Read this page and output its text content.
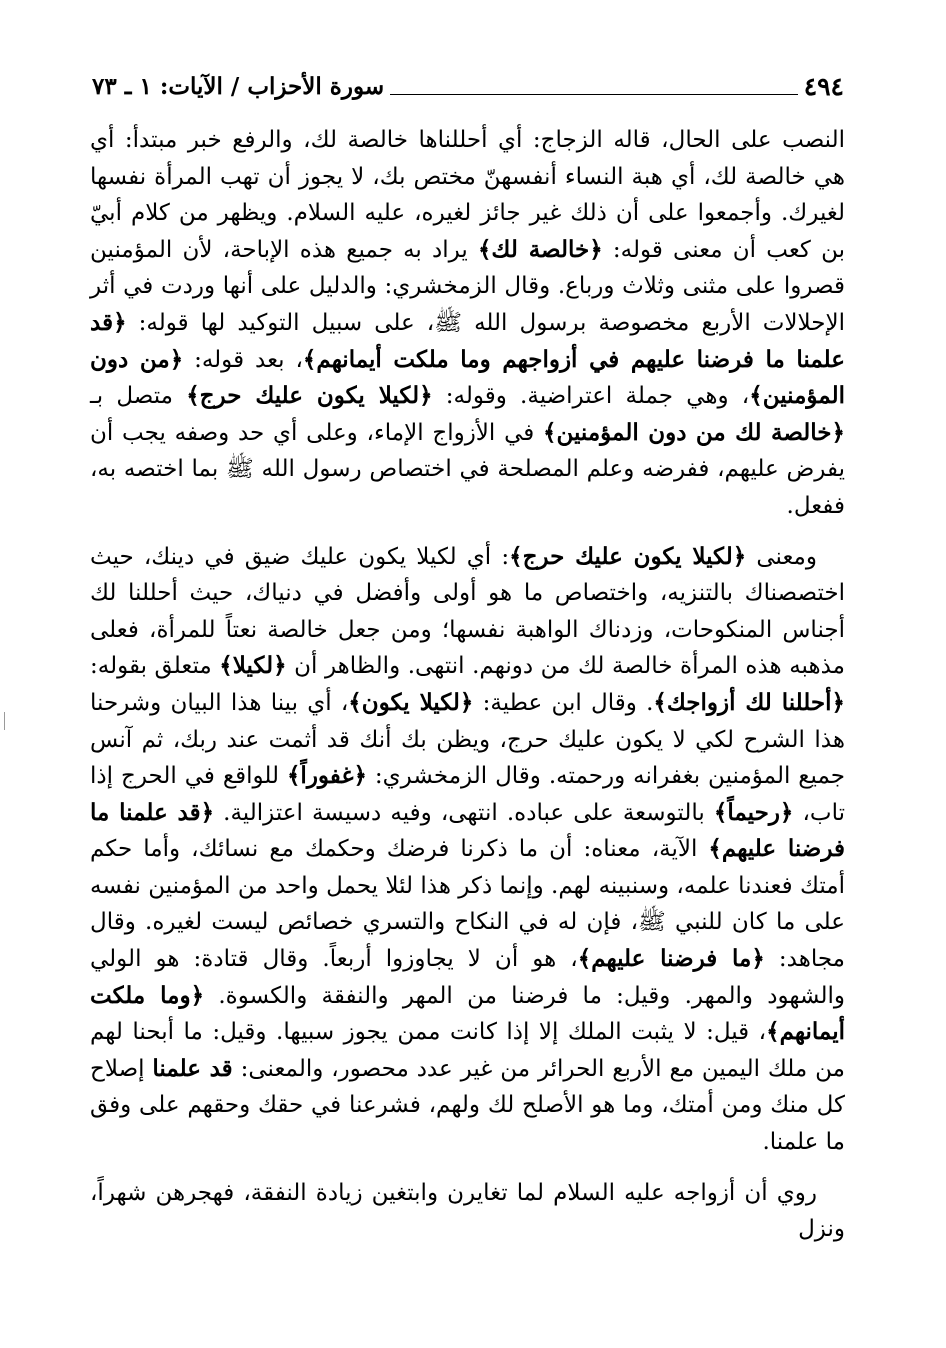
٤٩٤
سورة الأحزاب / الآيات: ١ ـ ٧٣

النصب على الحال، قاله الزجاج: أي أحللناها خالصة لك، والرفع خبر مبتدأ: أي هي خالصة لك، أي هبة النساء أنفسهنّ مختص بك، لا يجوز أن تهب المرأة نفسها لغيرك. وأجمعوا على أن ذلك غير جائز لغيره، عليه السلام. ويظهر من كلام أبيّ بن كعب أن معنى قوله: ﴿خالصة لك﴾ يراد به جميع هذه الإباحة، لأن المؤمنين قصروا على مثنى وثلاث ورباع. وقال الزمخشري: والدليل على أنها وردت في أثر الإحلالات الأربع مخصوصة برسول الله ﷺ، على سبيل التوكيد لها قوله: ﴿قد علمنا ما فرضنا عليهم في أزواجهم وما ملكت أيمانهم﴾، بعد قوله: ﴿من دون المؤمنين﴾، وهي جملة اعتراضية. وقوله: ﴿لكيلا يكون عليك حرج﴾ متصل بـ ﴿خالصة لك من دون المؤمنين﴾ في الأزواج الإماء، وعلى أي حد وصفه يجب أن يفرض عليهم، ففرضه وعلم المصلحة في اختصاص رسول الله ﷺ بما اختصه به، ففعل.

ومعنى ﴿لكيلا يكون عليك حرج﴾: أي لكيلا يكون عليك ضيق في دينك، حيث اختصصناك بالتنزيه، واختصاص ما هو أولى وأفضل في دنياك، حيث أحللنا لك أجناس المنكوحات، وزدناك الواهبة نفسها؛ ومن جعل خالصة نعتاً للمرأة، فعلى مذهبه هذه المرأة خالصة لك من دونهم. انتهى. والظاهر أن ﴿لكيلا﴾ متعلق بقوله: ﴿أحللنا لك أزواجك﴾. وقال ابن عطية: ﴿لكيلا يكون﴾، أي بينا هذا البيان وشرحنا هذا الشرح لكي لا يكون عليك حرج، ويظن بك أنك قد أثمت عند ربك، ثم آنس جميع المؤمنين بغفرانه ورحمته. وقال الزمخشري: ﴿غفوراً﴾ للواقع في الحرج إذا تاب، ﴿رحيماً﴾ بالتوسعة على عباده. انتهى، وفيه دسيسة اعتزالية. ﴿قد علمنا ما فرضنا عليهم﴾ الآية، معناه: أن ما ذكرنا فرضك وحكمك مع نسائك، وأما حكم أمتك فعندنا علمه، وسنبينه لهم. وإنما ذكر هذا لئلا يحمل واحد من المؤمنين نفسه على ما كان للنبي ﷺ، فإن له في النكاح والتسري خصائص ليست لغيره. وقال مجاهد: ﴿ما فرضنا عليهم﴾، هو أن لا يجاوزوا أربعاً. وقال قتادة: هو الولي والشهود والمهر. وقيل: ما فرضنا من المهر والنفقة والكسوة. ﴿وما ملكت أيمانهم﴾، قيل: لا يثبت الملك إلا إذا كانت ممن يجوز سبيها. وقيل: ما أبحنا لهم من ملك اليمين مع الأربع الحرائر من غير عدد محصور، والمعنى: قد علمنا إصلاح كل منك ومن أمتك، وما هو الأصلح لك ولهم، فشرعنا في حقك وحقهم على وفق ما علمنا.

روي أن أزواجه عليه السلام لما تغايرن وابتغين زيادة النفقة، فهجرهن شهراً، ونزل
